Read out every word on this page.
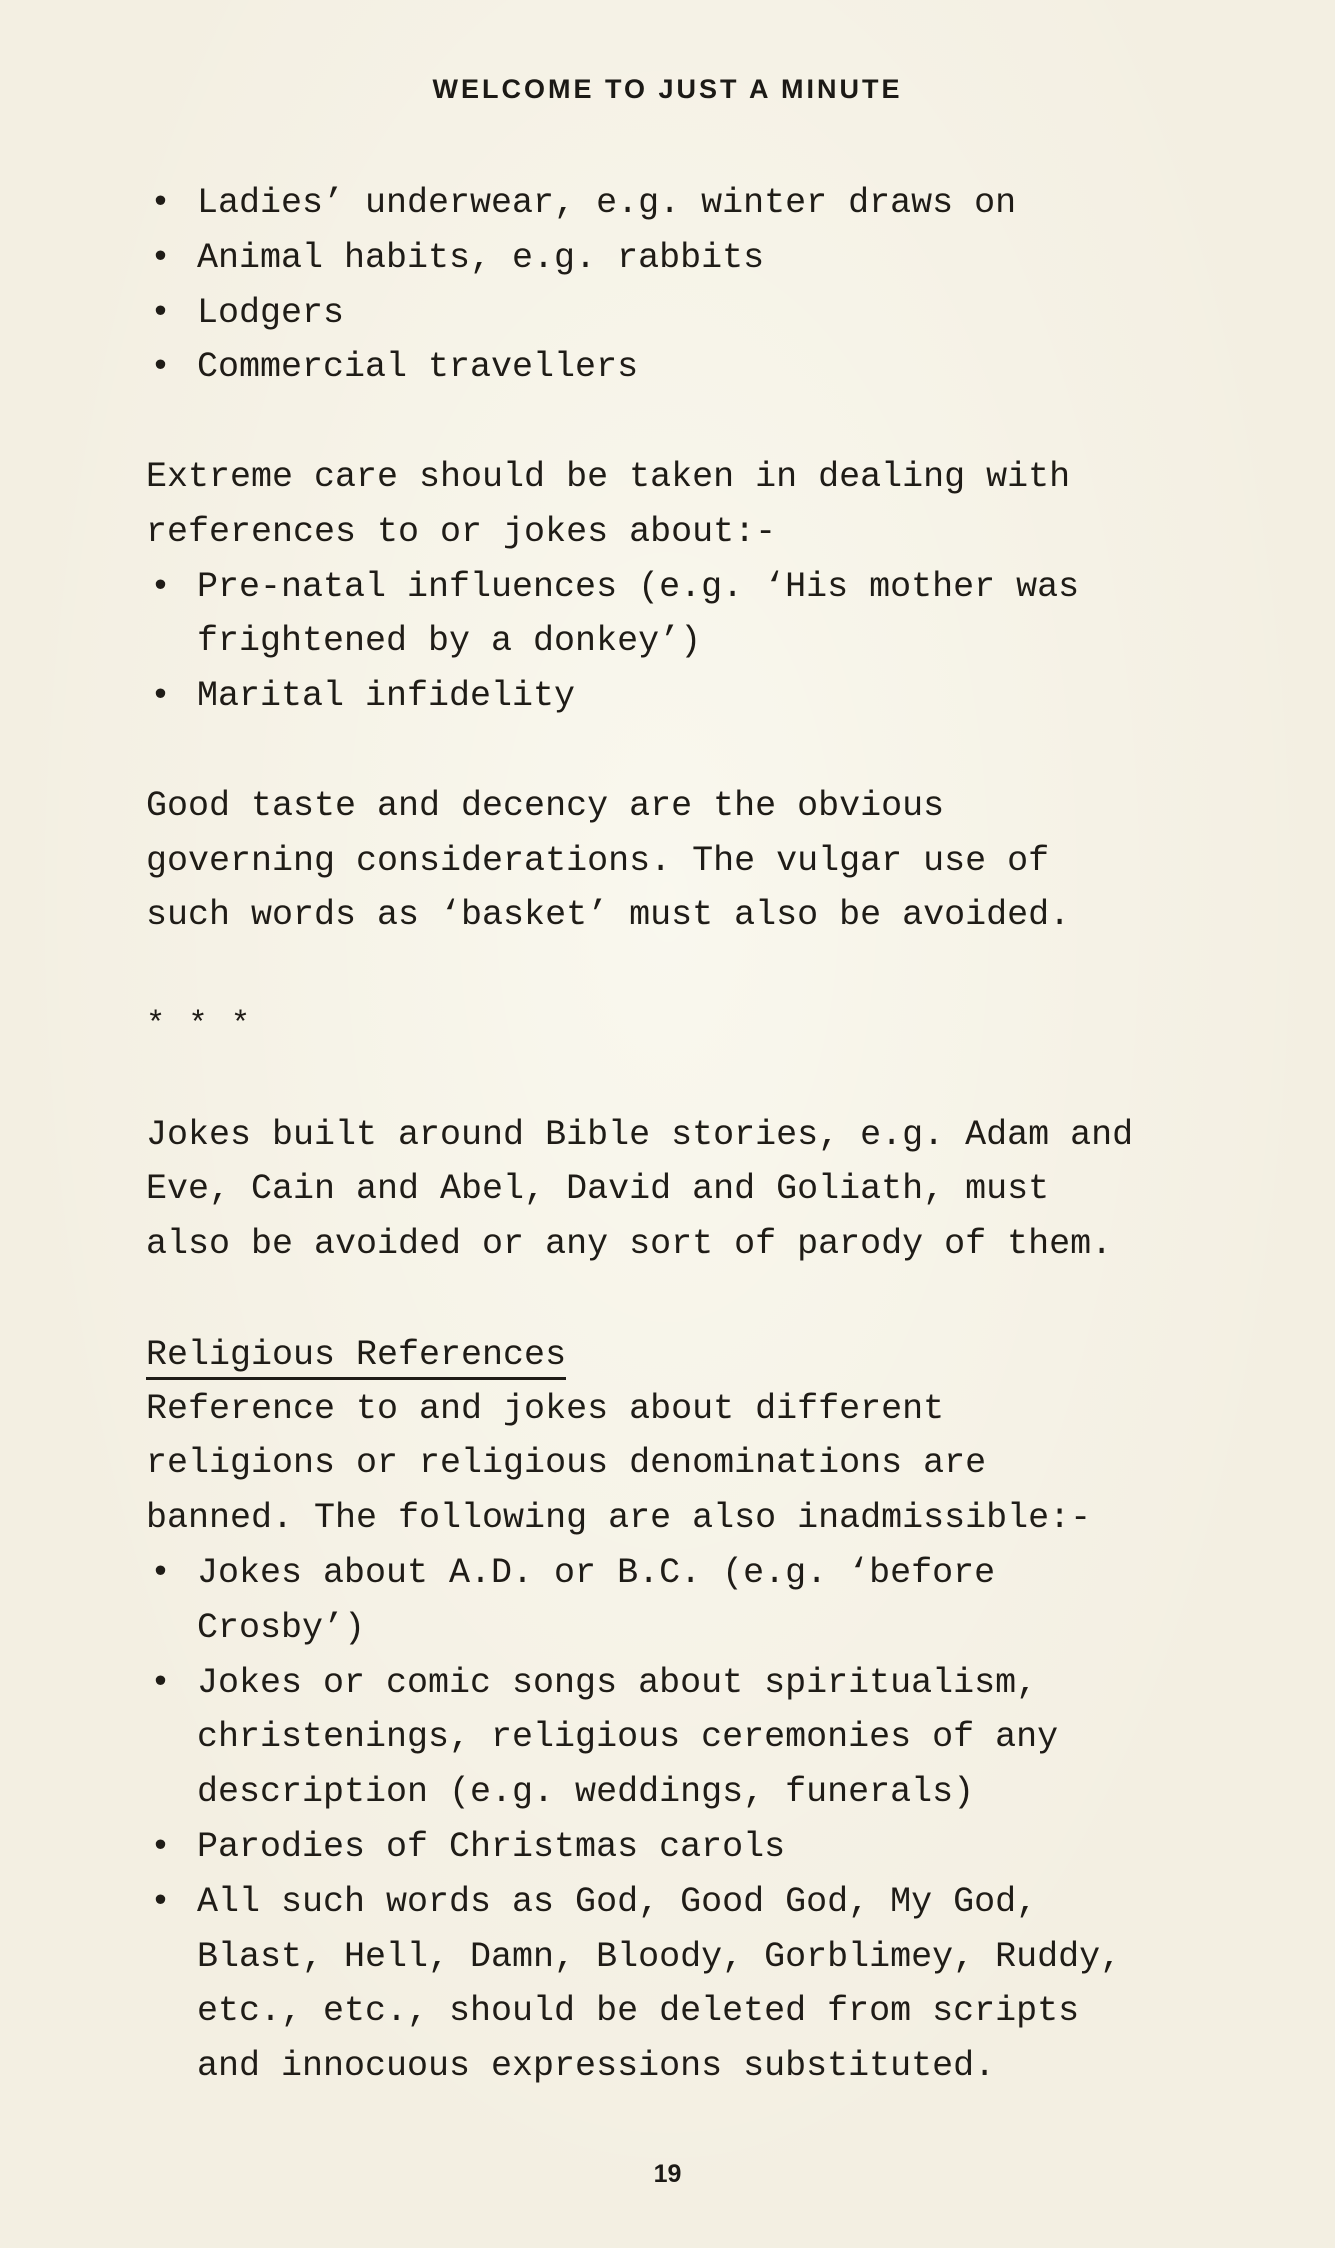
WELCOME TO JUST A MINUTE
• Ladies’ underwear, e.g. winter draws on
• Animal habits, e.g. rabbits
• Lodgers
• Commercial travellers
Extreme care should be taken in dealing with
references to or jokes about:-
• Pre-natal influences (e.g. ‘His mother was
frightened by a donkey’)
• Marital infidelity
Good taste and decency are the obvious
governing considerations. The vulgar use of
such words as ‘basket’ must also be avoided.
* * *
Jokes built around Bible stories, e.g. Adam and
Eve, Cain and Abel, David and Goliath, must
also be avoided or any sort of parody of them.
Religious References
Reference to and jokes about different
religions or religious denominations are
banned. The following are also inadmissible:-
• Jokes about A.D. or B.C. (e.g. ‘before
Crosby’)
• Jokes or comic songs about spiritualism,
christenings, religious ceremonies of any
description (e.g. weddings, funerals)
• Parodies of Christmas carols
• All such words as God, Good God, My God,
Blast, Hell, Damn, Bloody, Gorblimey, Ruddy,
etc., etc., should be deleted from scripts
and innocuous expressions substituted.
19
